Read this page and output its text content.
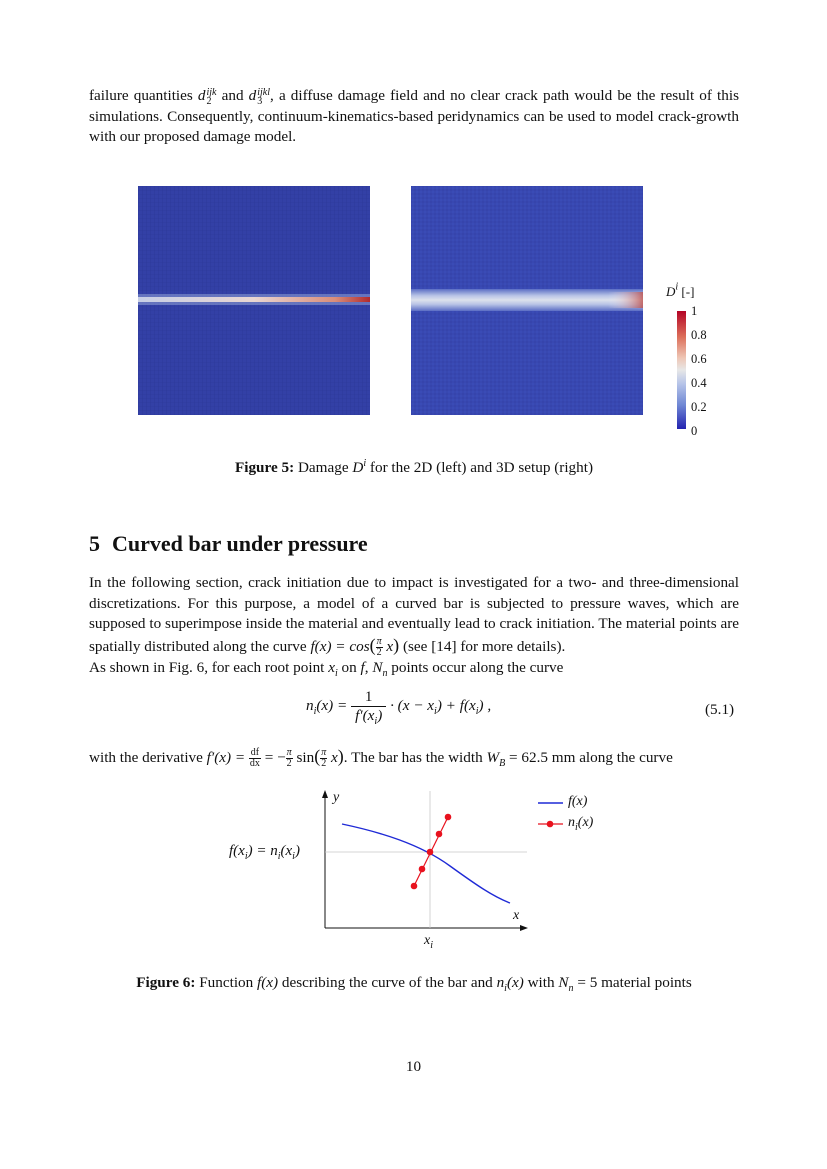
failure quantities d ijk
2 and d ijkl
3 , a diffuse damage field and no clear crack path would be the result of this simulations. Consequently, continuum-kinematics-based peridynamics can be used to model crack-growth with our proposed damage model.

$D^i$ [-]
1
0.8
0.6
0.4
0.2
0
Figure 5: Damage $D^i$ for the 2D (left) and 3D setup (right)
5 Curved bar under pressure

In the following section, crack initiation due to impact is investigated for a two- and three-dimensional discretizations. For this purpose, a model of a curved bar is subjected to pressure waves, which are supposed to superimpose inside the material and eventually lead to crack initiation. The material points are spatially distributed along the curve $f(x) = \cos( \frac{\pi}{2} x)$ (see [14] for more details).
As shown in Fig. 6, for each root point $x_i$ on f, $N_n$ points occur along the curve

$n_i(x) = \frac{1}{f'(x_i)} \cdot (x - x_i) + f(x_i)$ ,	(5.1)
with the derivative $f'(x) = \frac{df}{dx}$ = − $\frac{\pi}{2} \sin( \frac{\pi}{2} x)$. The bar has the width $W_B = 62.5$ mm along the curve
y
x
$x_i$
f(x)
$n_i(x)$
$f(x_i) = n_i(x_i)$
Figure 6: Function f(x) describing the curve of the bar and $n_i(x)$ with $N_n = 5$ material points
10
